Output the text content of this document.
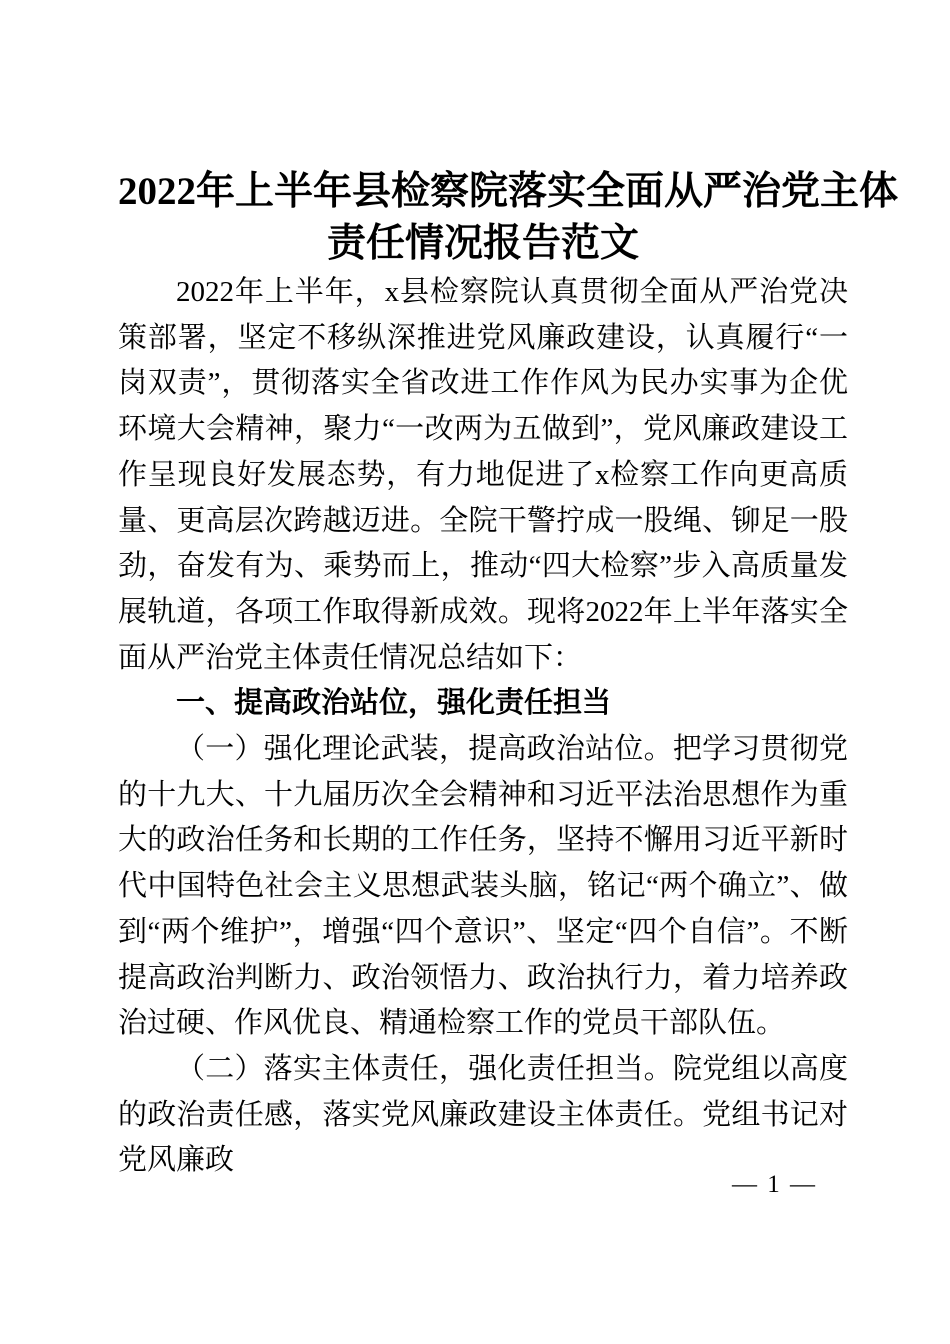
2022年上半年县检察院落实全面从严治党主体
责任情况报告范文

2022年上半年，x县检察院认真贯彻全面从严治党决策部署，坚定不移纵深推进党风廉政建设，认真履行“一岗双责”，贯彻落实全省改进工作作风为民办实事为企优环境大会精神，聚力“一改两为五做到”，党风廉政建设工作呈现良好发展态势，有力地促进了x检察工作向更高质量、更高层次跨越迈进。全院干警拧成一股绳、铆足一股劲，奋发有为、乘势而上，推动“四大检察”步入高质量发展轨道，各项工作取得新成效。现将2022年上半年落实全面从严治党主体责任情况总结如下：

一、提高政治站位，强化责任担当

（一）强化理论武装，提高政治站位。把学习贯彻党的十九大、十九届历次全会精神和习近平法治思想作为重大的政治任务和长期的工作任务，坚持不懈用习近平新时代中国特色社会主义思想武装头脑，铭记“两个确立”、做到“两个维护”，增强“四个意识”、坚定“四个自信”。不断提高政治判断力、政治领悟力、政治执行力，着力培养政治过硬、作风优良、精通检察工作的党员干部队伍。

（二）落实主体责任，强化责任担当。院党组以高度的政治责任感，落实党风廉政建设主体责任。党组书记对党风廉政

— 1 —
